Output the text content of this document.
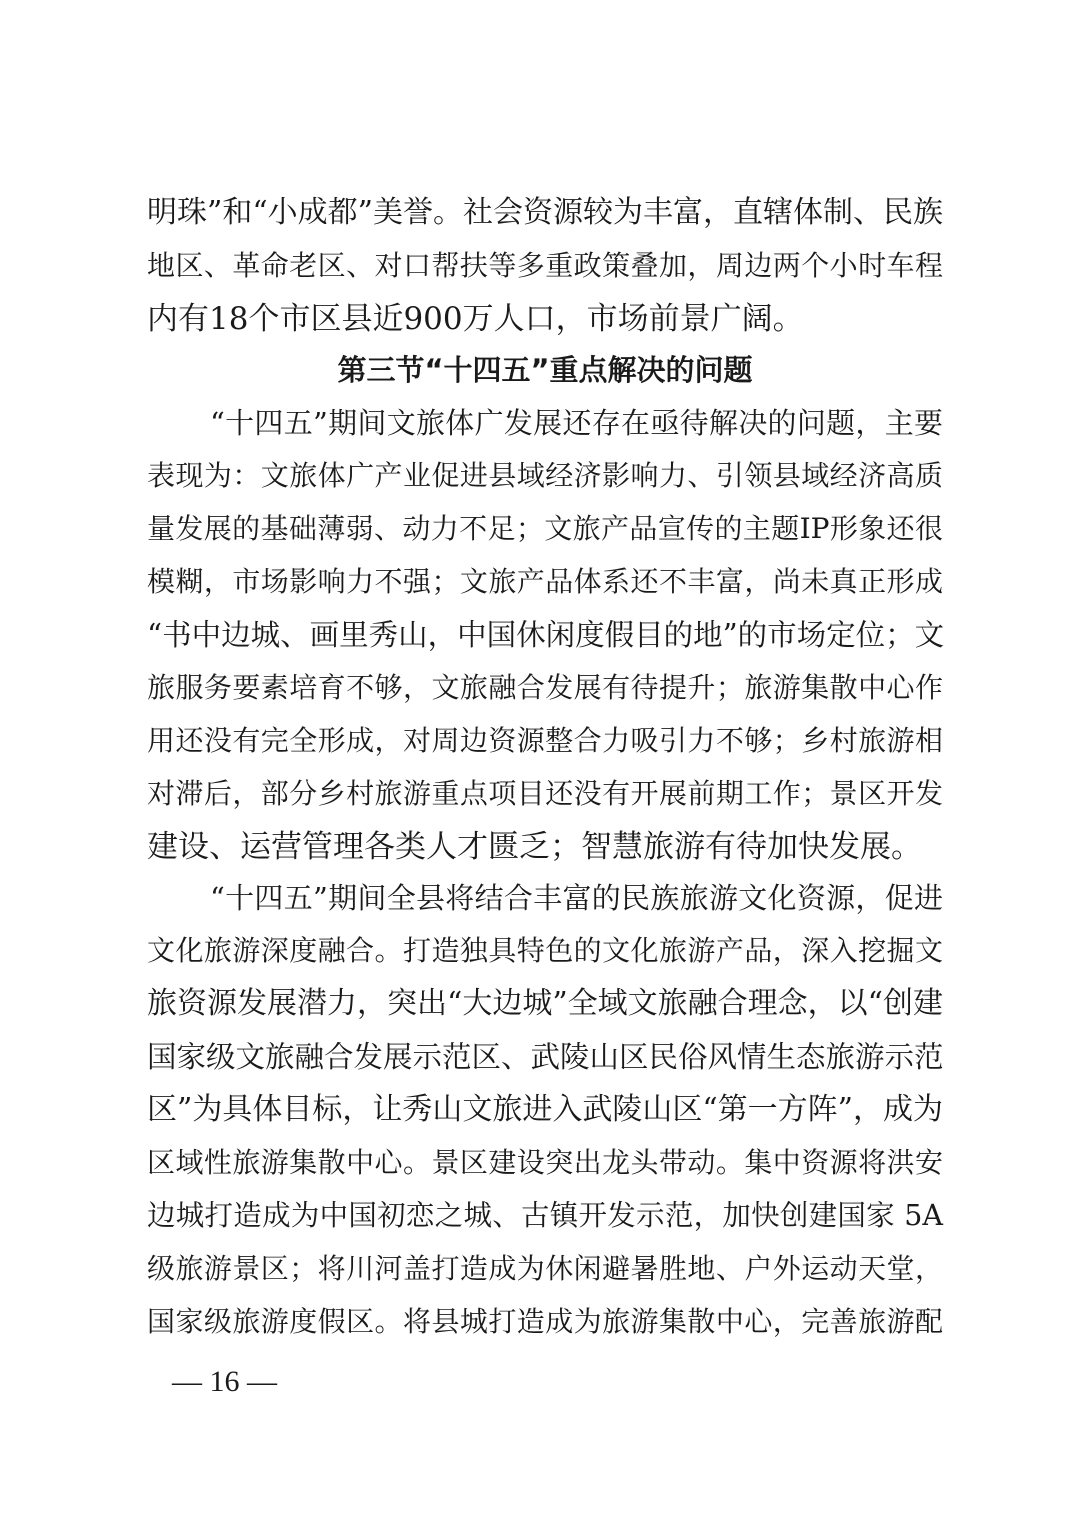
明珠”和“小成都”美誉。社会资源较为丰富，直辖体制、民族
地区、革命老区、对口帮扶等多重政策叠加，周边两个小时车程
内有18个市区县近900万人口，市场前景广阔。
第三节“十四五”重点解决的问题
“十四五”期间文旅体广发展还存在亟待解决的问题，主要
表现为：文旅体广产业促进县域经济影响力、引领县域经济高质
量发展的基础薄弱、动力不足；文旅产品宣传的主题IP形象还很
模糊，市场影响力不强；文旅产品体系还不丰富，尚未真正形成
“书中边城、画里秀山，中国休闲度假目的地”的市场定位；文
旅服务要素培育不够，文旅融合发展有待提升；旅游集散中心作
用还没有完全形成，对周边资源整合力吸引力不够；乡村旅游相
对滞后，部分乡村旅游重点项目还没有开展前期工作；景区开发
建设、运营管理各类人才匮乏；智慧旅游有待加快发展。
“十四五”期间全县将结合丰富的民族旅游文化资源，促进
文化旅游深度融合。打造独具特色的文化旅游产品，深入挖掘文
旅资源发展潜力，突出“大边城”全域文旅融合理念，以“创建
国家级文旅融合发展示范区、武陵山区民俗风情生态旅游示范
区”为具体目标，让秀山文旅进入武陵山区“第一方阵”，成为
区域性旅游集散中心。景区建设突出龙头带动。集中资源将洪安
边城打造成为中国初恋之城、古镇开发示范，加快创建国家 5A
级旅游景区；将川河盖打造成为休闲避暑胜地、户外运动天堂，
国家级旅游度假区。将县城打造成为旅游集散中心，完善旅游配
— 16 —
